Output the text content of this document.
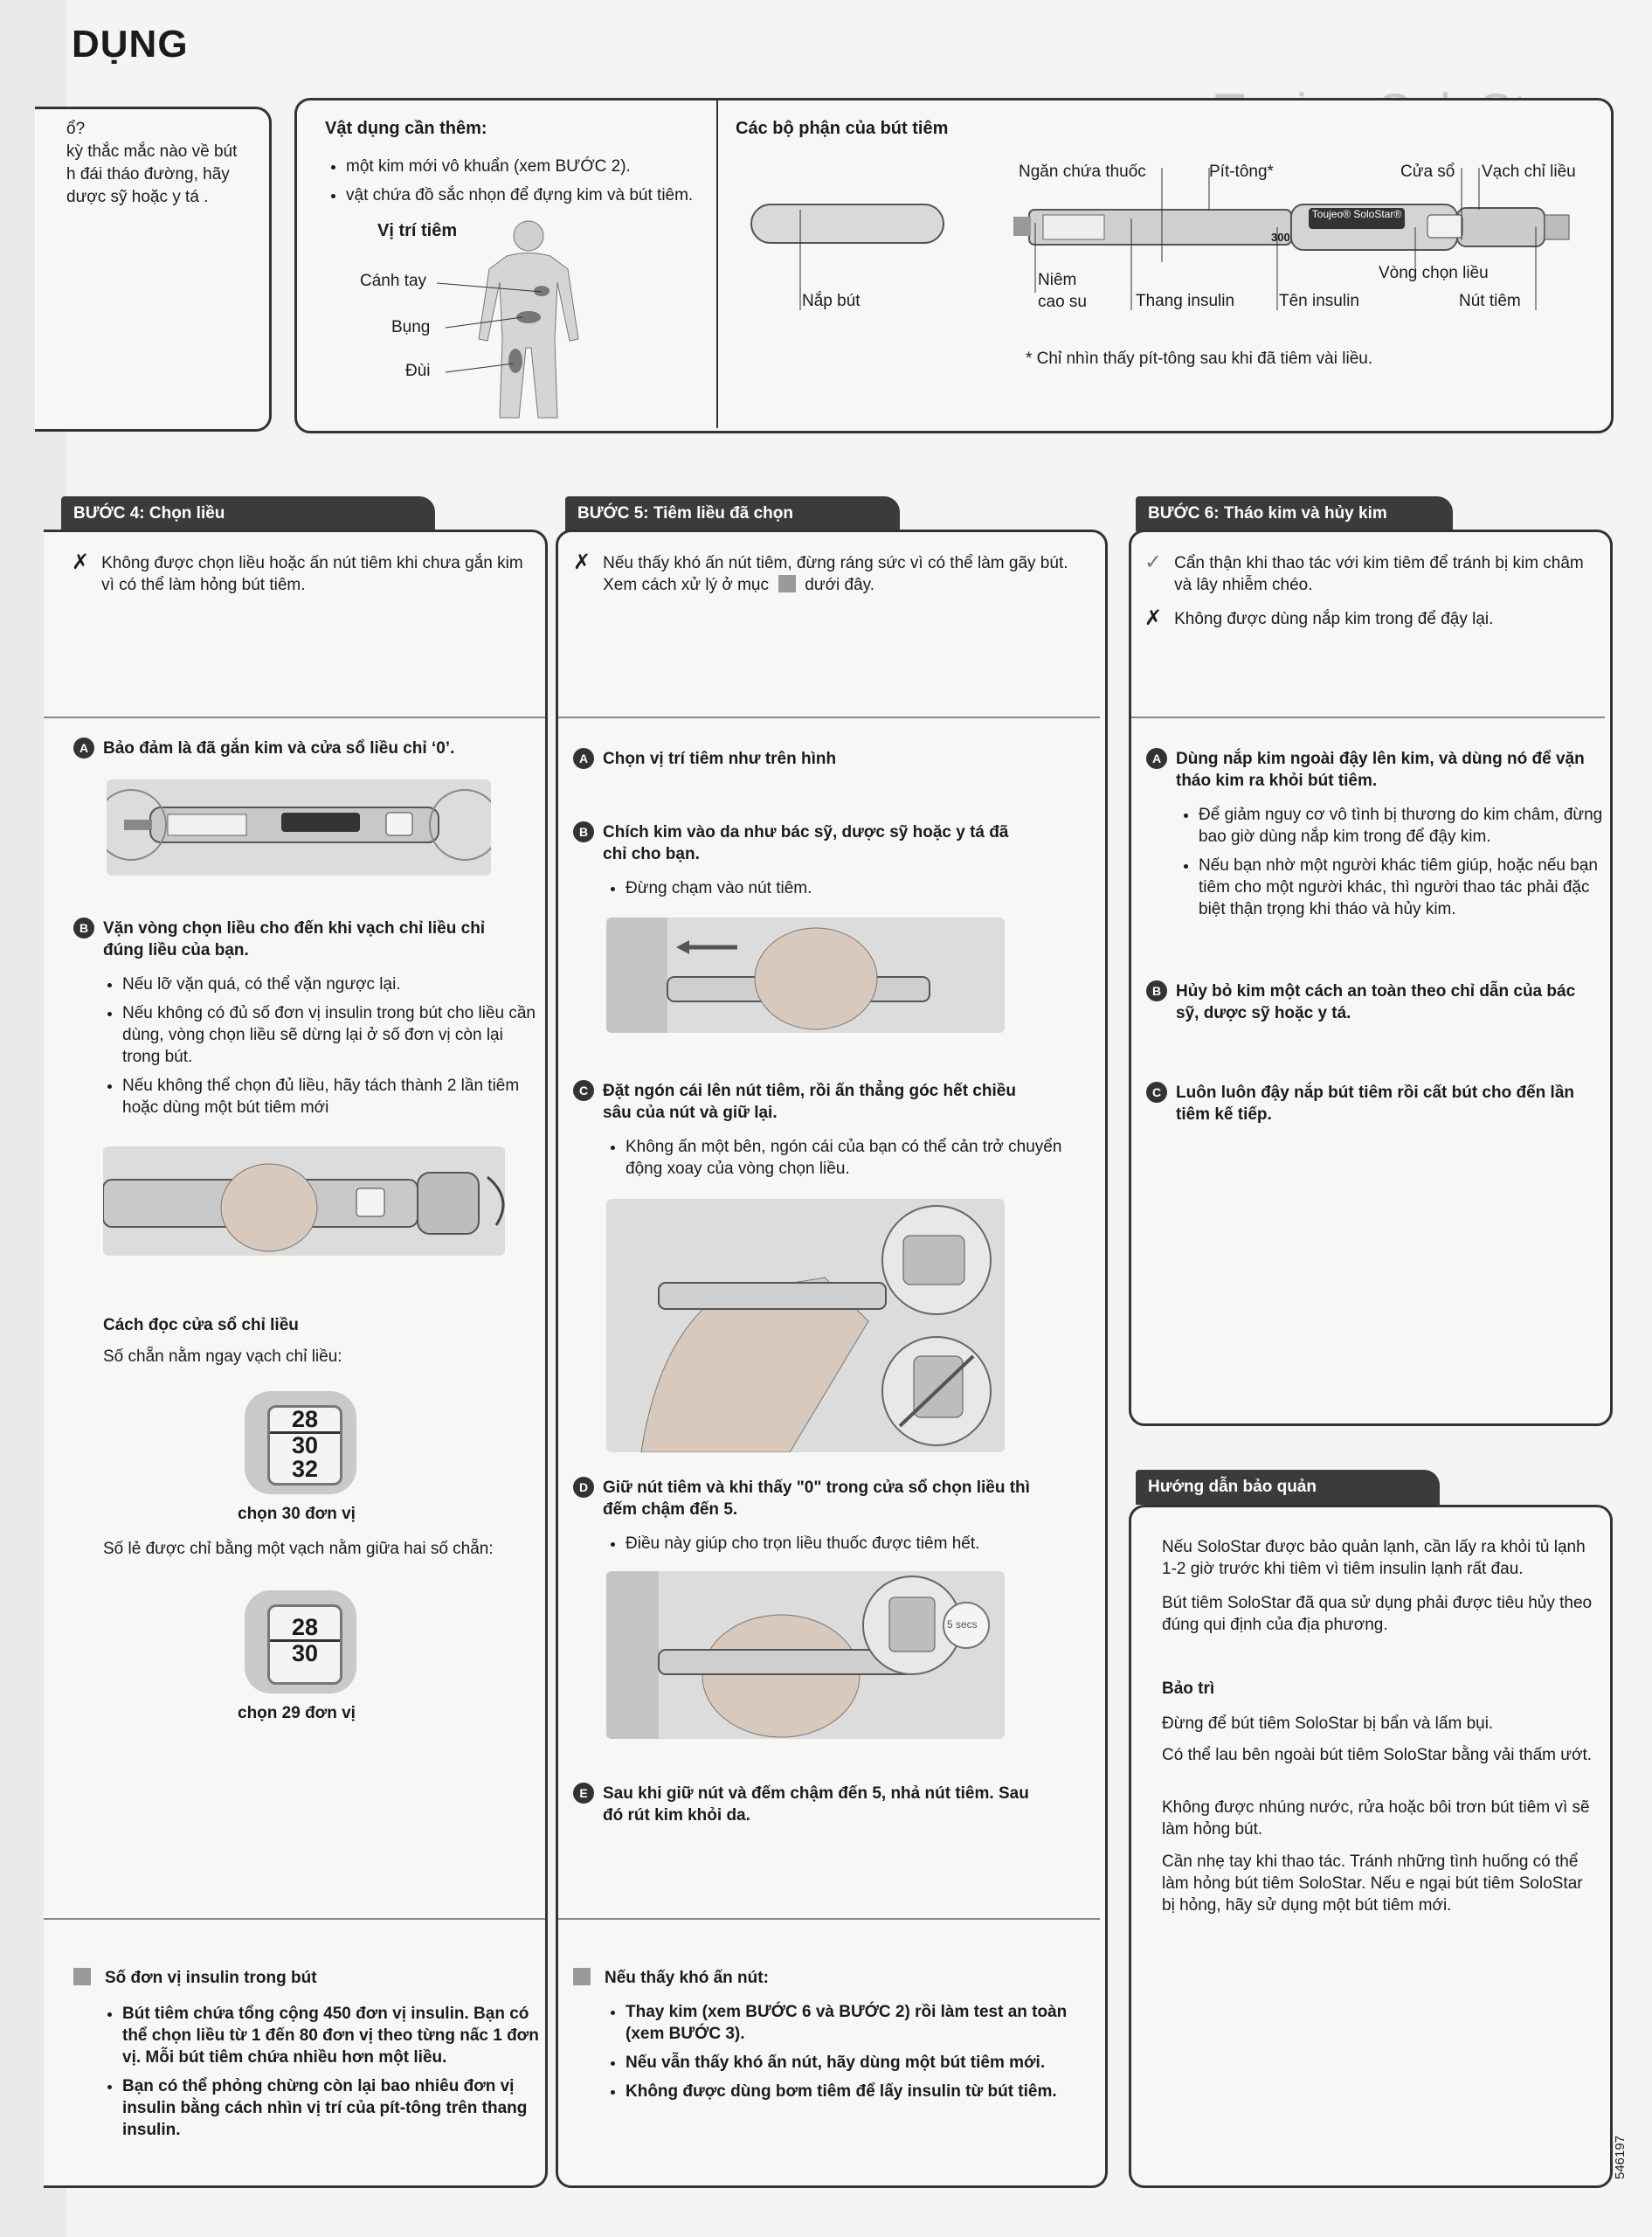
DỤNG
ổ?
kỳ thắc mắc nào về bút
h đái tháo đường, hãy
dược sỹ hoặc y tá .
Vật dụng cần thêm:
• một kim mới vô khuẩn (xem BƯỚC 2).
• vật chứa đồ sắc nhọn để đựng kim và bút tiêm.
Vị trí tiêm
Cánh tay
Bụng
Đùi
Các bộ phận của bút tiêm
Toujeo® SoloStar®
300
Ngăn chứa thuốc	Pít-tông*	Cửa sổ Vạch chỉ liều
Nắp bút
Niêm
cao su	Thang insulin	Tên insulin
Vòng chọn liều
Nút tiêm
* Chỉ nhìn thấy pít-tông sau khi đã tiêm vài liều.
BƯỚC 4: Chọn liều
✗ Không được chọn liều hoặc ấn nút tiêm khi chưa gắn kim vì có thể làm hỏng bút tiêm.
A Bảo đảm là đã gắn kim và cửa sổ liều chỉ ‘0’.
B Vặn vòng chọn liều cho đến khi vạch chỉ liều chỉ đúng liều của bạn.
• Nếu lỡ vặn quá, có thể vặn ngược lại.
• Nếu không có đủ số đơn vị insulin trong bút cho liều cần dùng, vòng chọn liều sẽ dừng lại ở số đơn vị còn lại trong bút.
• Nếu không thể chọn đủ liều, hãy tách thành 2 lần tiêm hoặc dùng một bút tiêm mới
Cách đọc cửa sổ chỉ liều
Số chẵn nằm ngay vạch chỉ liều:
28
30
32
chọn 30 đơn vị
Số lẻ được chỉ bằng một vạch nằm giữa hai số chẵn:
28
30
chọn 29 đơn vị
Số đơn vị insulin trong bút
• Bút tiêm chứa tổng cộng 450 đơn vị insulin. Bạn có thể chọn liều từ 1 đến 80 đơn vị theo từng nấc 1 đơn vị. Mỗi bút tiêm chứa nhiều hơn một liều.
• Bạn có thể phỏng chừng còn lại bao nhiêu đơn vị insulin bằng cách nhìn vị trí của pít-tông trên thang insulin.
BƯỚC 5: Tiêm liều đã chọn
✗ Nếu thấy khó ấn nút tiêm, đừng ráng sức vì có thể làm gãy bút. Xem cách xử lý ở mục dưới đây.
A Chọn vị trí tiêm như trên hình
B Chích kim vào da như bác sỹ, dược sỹ hoặc y tá đã chỉ cho bạn.
• Đừng chạm vào nút tiêm.
C Đặt ngón cái lên nút tiêm, rồi ấn thẳng góc hết chiều sâu của nút và giữ lại.
• Không ấn một bên, ngón cái của bạn có thể cản trở chuyển động xoay của vòng chọn liều.
D Giữ nút tiêm và khi thấy "0" trong cửa sổ chọn liều thì đếm chậm đến 5.
• Điều này giúp cho trọn liều thuốc được tiêm hết.
5 secs
E Sau khi giữ nút và đếm chậm đến 5, nhả nút tiêm. Sau đó rút kim khỏi da.
Nếu thấy khó ấn nút:
• Thay kim (xem BƯỚC 6 và BƯỚC 2) rồi làm test an toàn (xem BƯỚC 3).
• Nếu vẫn thấy khó ấn nút, hãy dùng một bút tiêm mới.
• Không được dùng bơm tiêm để lấy insulin từ bút tiêm.
BƯỚC 6: Tháo kim và hủy kim
✓ Cẩn thận khi thao tác với kim tiêm để tránh bị kim châm và lây nhiễm chéo.
✗ Không được dùng nắp kim trong để đậy lại.
A Dùng nắp kim ngoài đậy lên kim, và dùng nó để vặn tháo kim ra khỏi bút tiêm.
• Để giảm nguy cơ vô tình bị thương do kim châm, đừng bao giờ dùng nắp kim trong để đậy kim.
• Nếu bạn nhờ một người khác tiêm giúp, hoặc nếu bạn tiêm cho một người khác, thì người thao tác phải đặc biệt thận trọng khi tháo và hủy kim.
B Hủy bỏ kim một cách an toàn theo chỉ dẫn của bác sỹ, dược sỹ hoặc y tá.
C Luôn luôn đậy nắp bút tiêm rồi cất bút cho đến lần tiêm kế tiếp.
Hướng dẫn bảo quản
Nếu SoloStar được bảo quản lạnh, cần lấy ra khỏi tủ lạnh 1-2 giờ trước khi tiêm vì tiêm insulin lạnh rất đau.
Bút tiêm SoloStar đã qua sử dụng phải được tiêu hủy theo đúng qui định của địa phương.
Bảo trì
Đừng để bút tiêm SoloStar bị bẩn và lấm bụi.
Có thể lau bên ngoài bút tiêm SoloStar bằng vải thấm ướt.
Không được nhúng nước, rửa hoặc bôi trơn bút tiêm vì sẽ làm hỏng bút.
Cần nhẹ tay khi thao tác. Tránh những tình huống có thể làm hỏng bút tiêm SoloStar. Nếu e ngại bút tiêm SoloStar bị hỏng, hãy sử dụng một bút tiêm mới.
546197
